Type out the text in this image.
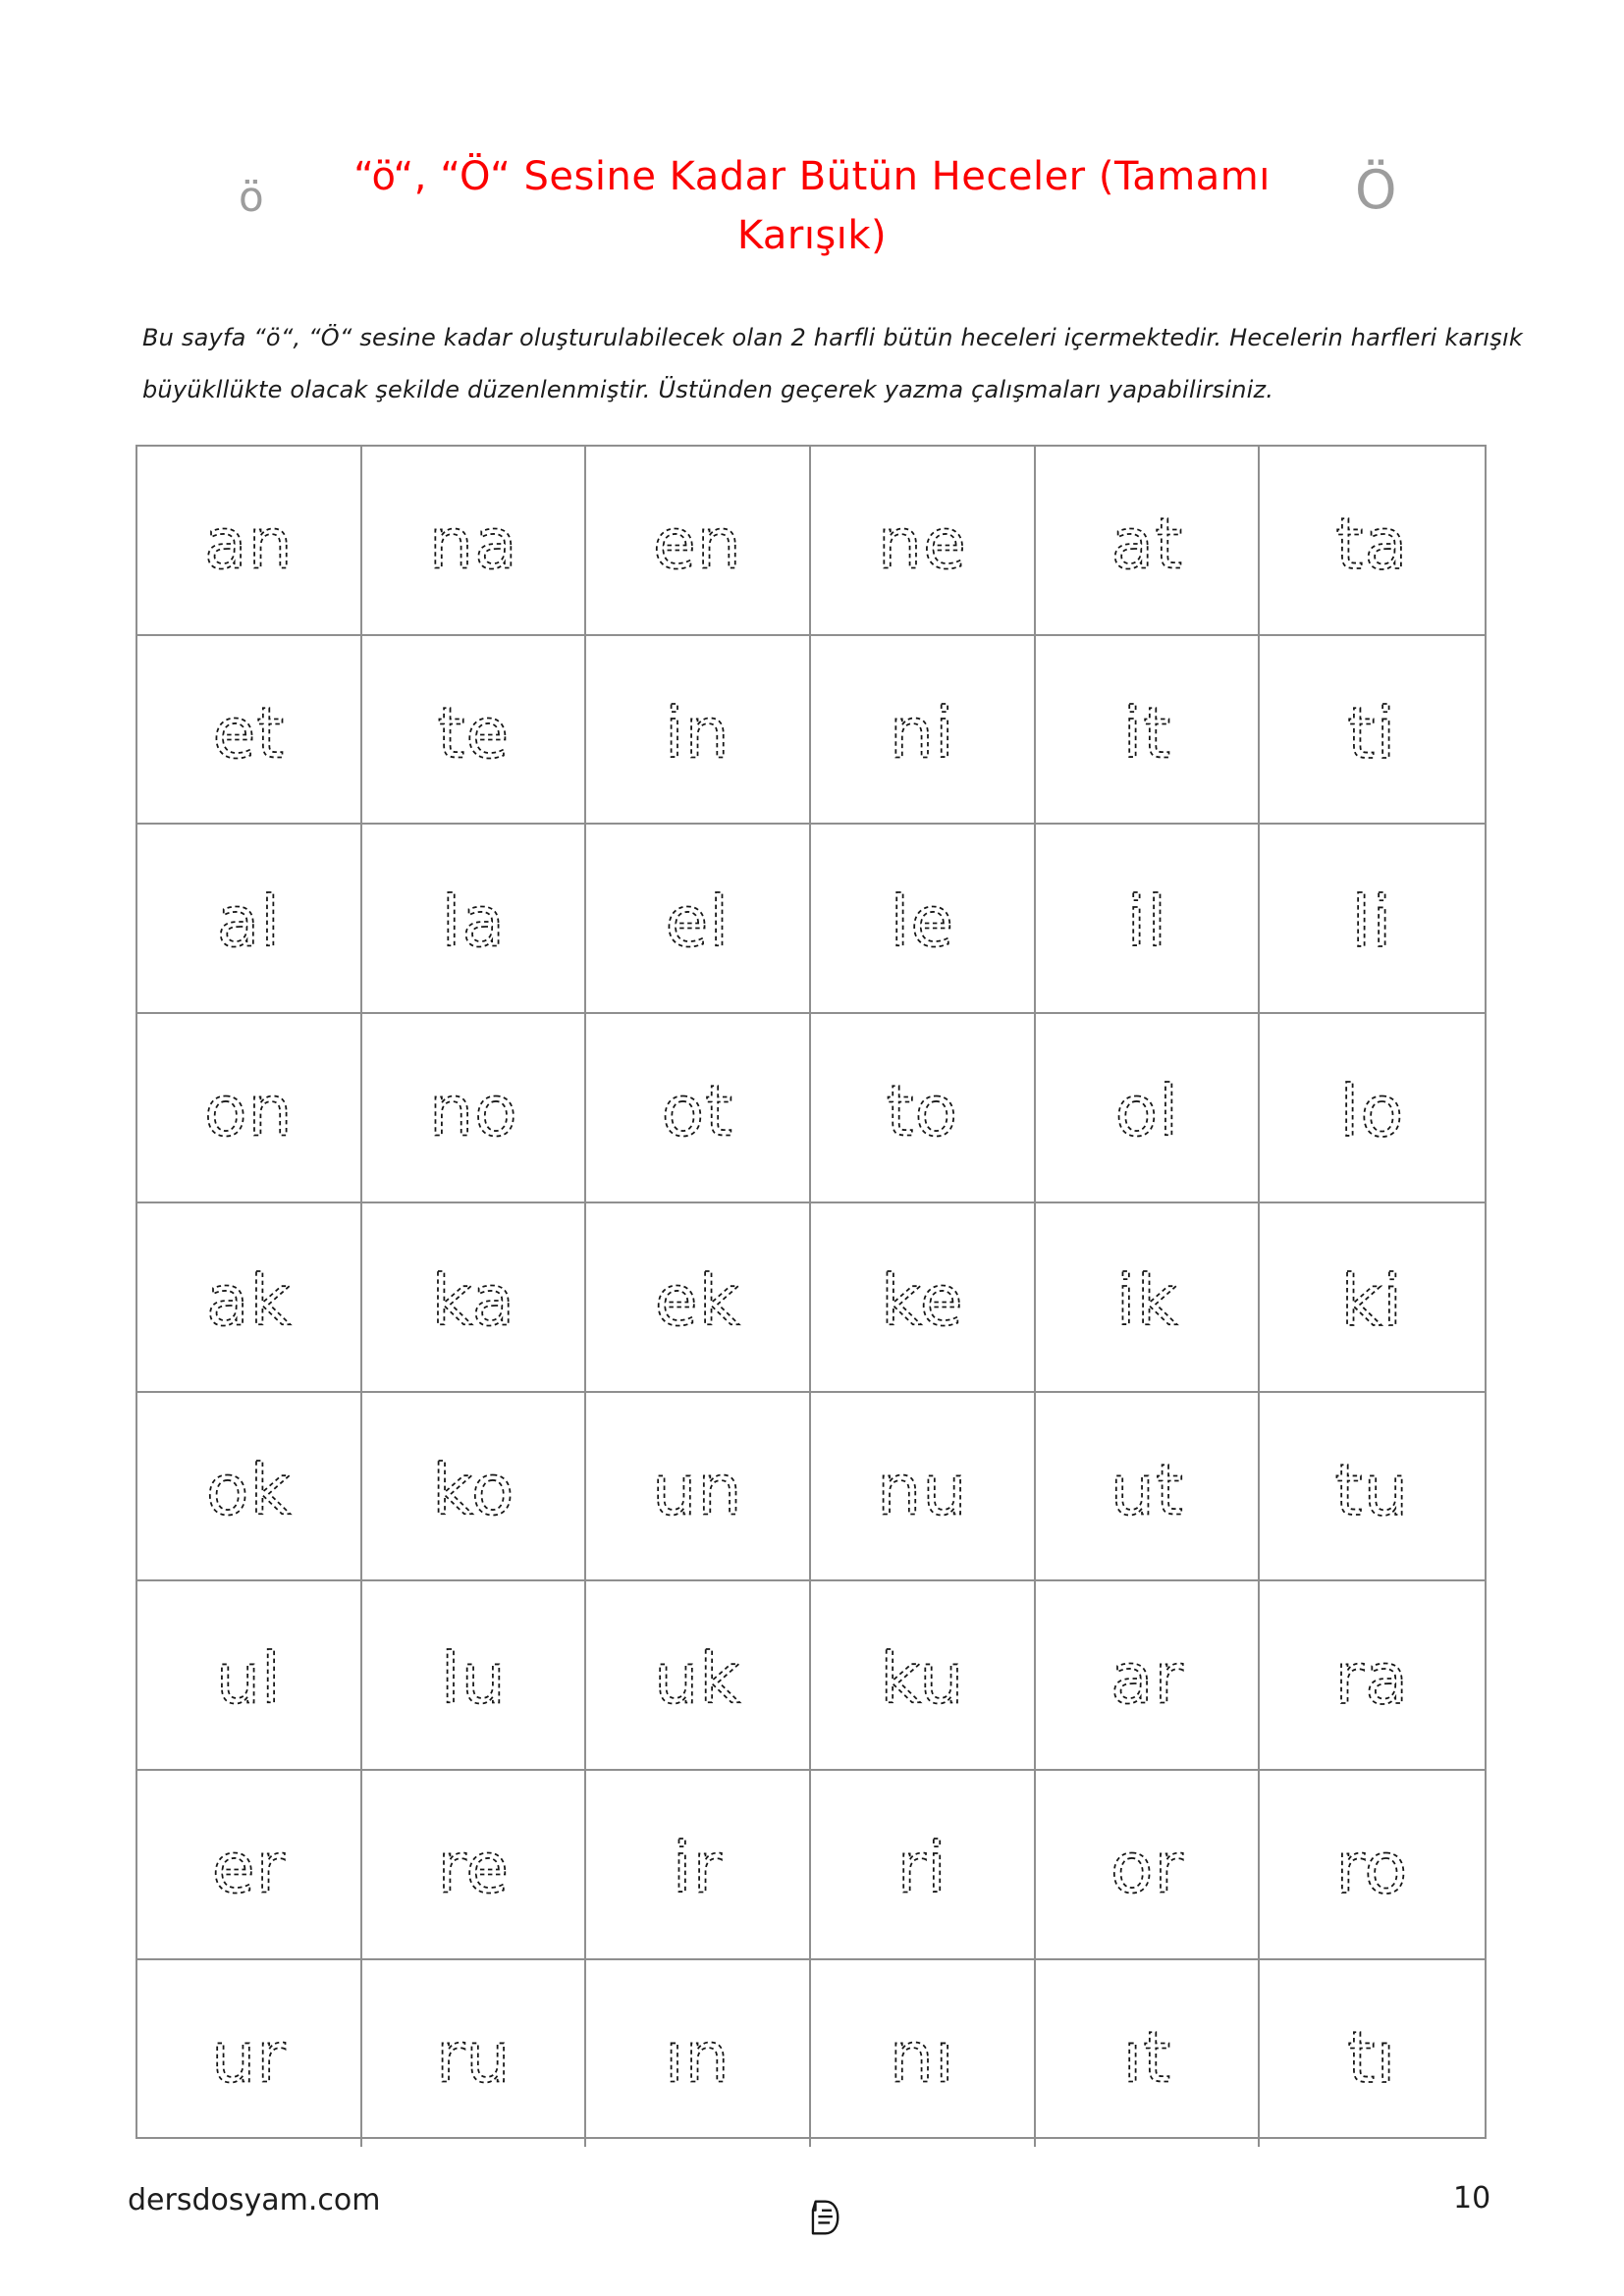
ö	Ö
“ö“, “Ö“ Sesine Kadar Bütün Heceler (Tamamı
Karışık)
Bu sayfa “ö“, “Ö“ sesine kadar oluşturulabilecek olan 2 harfli bütün heceleri içermektedir. Hecelerin harfleri karışık
büyükllükte olacak şekilde düzenlenmiştir. Üstünden geçerek yazma çalışmaları yapabilirsiniz.
an na en ne at ta
et te in ni it ti
al la el le il	li
on no ot to ol lo
ak ka ek ke ik ki
ok ko un nu ut tu
ul lu uk ku ar ra
er re ir ri or ro
ur ru ın nı ıt tı
dersdosyam.com	10
